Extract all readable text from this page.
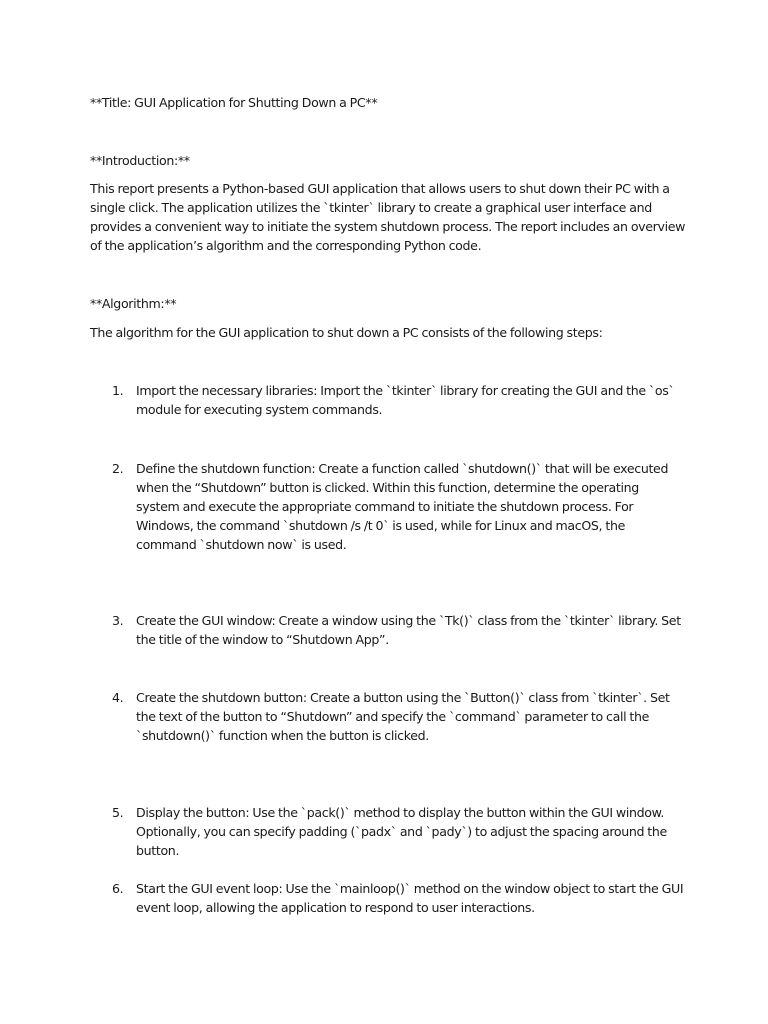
**Title: GUI Application for Shutting Down a PC**
**Introduction:**
This report presents a Python-based GUI application that allows users to shut down their PC with a single click. The application utilizes the `tkinter` library to create a graphical user interface and provides a convenient way to initiate the system shutdown process. The report includes an overview of the application’s algorithm and the corresponding Python code.
**Algorithm:**
The algorithm for the GUI application to shut down a PC consists of the following steps:
1.	Import the necessary libraries: Import the `tkinter` library for creating the GUI and the `os` module for executing system commands.
2.	Define the shutdown function: Create a function called `shutdown()` that will be executed when the “Shutdown” button is clicked. Within this function, determine the operating system and execute the appropriate command to initiate the shutdown process. For Windows, the command `shutdown /s /t 0` is used, while for Linux and macOS, the command `shutdown now` is used.
3.	Create the GUI window: Create a window using the `Tk()` class from the `tkinter` library. Set the title of the window to “Shutdown App”.
4.	Create the shutdown button: Create a button using the `Button()` class from `tkinter`. Set the text of the button to “Shutdown” and specify the `command` parameter to call the `shutdown()` function when the button is clicked.
5.	Display the button: Use the `pack()` method to display the button within the GUI window. Optionally, you can specify padding (`padx` and `pady`) to adjust the spacing around the button.
6.	Start the GUI event loop: Use the `mainloop()` method on the window object to start the GUI event loop, allowing the application to respond to user interactions.
